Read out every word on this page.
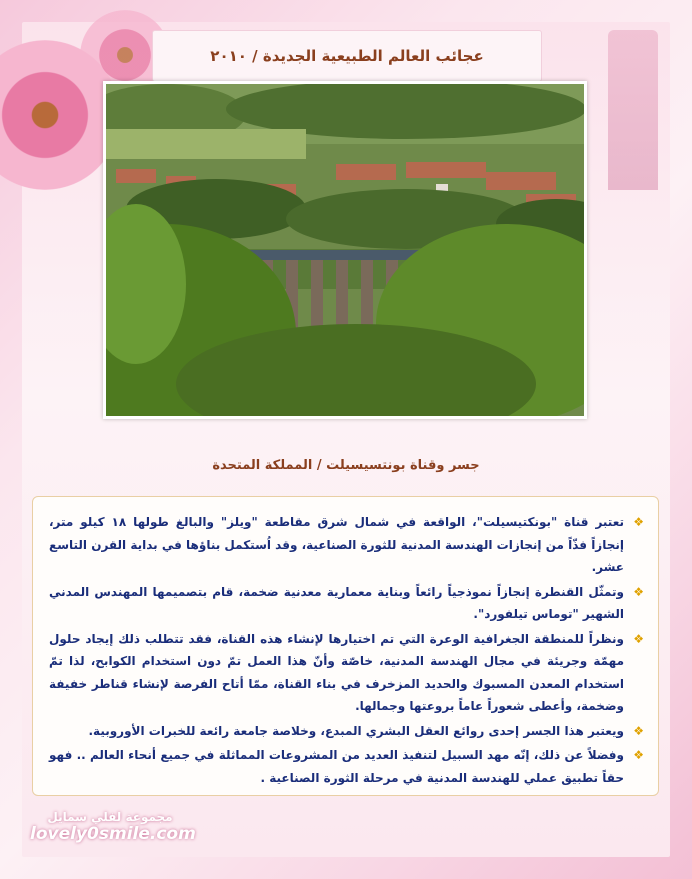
عجائب العالم الطبيعية الجديدة / ٢٠١٠
جسر وقناة بونتسيسيلت / المملكة المتحدة
❖
تعتبر قناة "بونكتيسيلت"، الواقعة في شمال شرق مقاطعة "ويلز" والبالغ طولها ١٨ كيلو متر، إنجازاً فذّاً من إنجازات الهندسة المدنية للثورة الصناعية، وقد اُستكمل بناؤها في بداية القرن التاسع عشر.
❖
وتمثّل القنطرة إنجازاً نموذجياً رائعاً وبناية معمارية معدنية ضخمة، قام بتصميمها المهندس المدني الشهير "توماس تيلفورد".
❖
ونظراً للمنطقة الجغرافية الوعرة التي تم اختيارها لإنشاء هذه القناة، فقد تتطلب ذلك إيجاد حلول مهمّة وجريئة في مجال الهندسة المدنية، خاصّة وأنّ هذا العمل تمّ دون استخدام الكوابح، لذا تمّ استخدام المعدن المسبوك والحديد المزخرف في بناء القناة، ممّا أتاح الفرصة لإنشاء قناطر خفيفة وضخمة، وأعطى شعوراً عاماً بروعتها وجمالها.
❖
ويعتبر هذا الجسر إحدى روائع العقل البشري المبدع، وخلاصة جامعة رائعة للخبرات الأوروبية.
❖
وفضلاً عن ذلك، إنّه مهد السبيل لتنفيذ العديد من المشروعات المماثلة في جميع أنحاء العالم .. فهو حقاً تطبيق عملي للهندسة المدنية في مرحلة الثورة الصناعية .
مجموعة لفلي سمايل
lovely0smile.com
